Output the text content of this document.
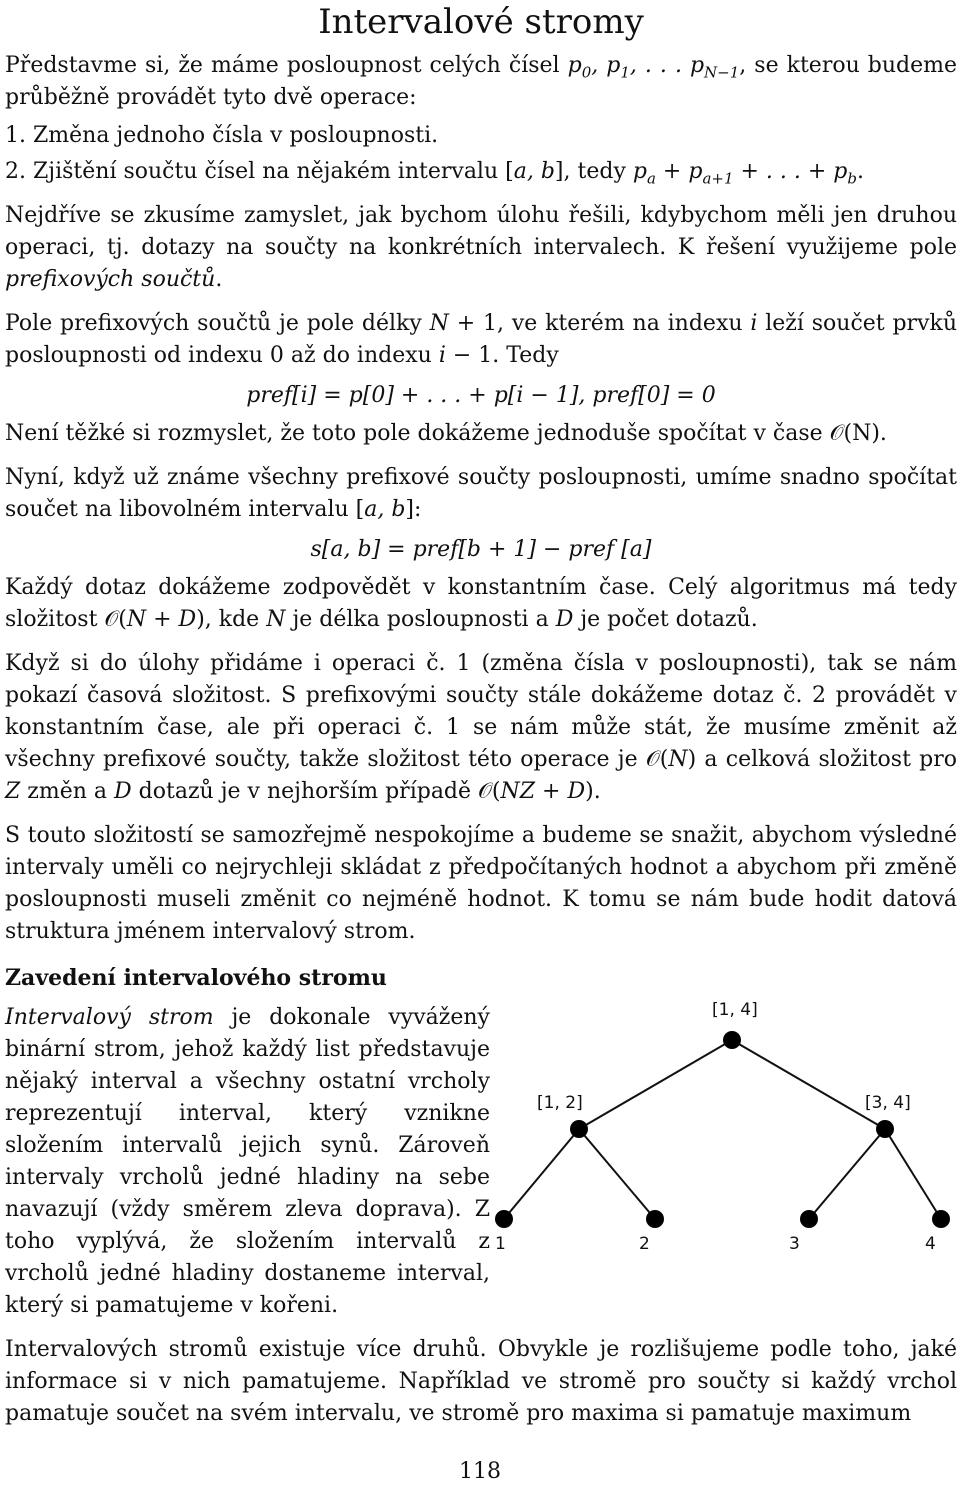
Intervalové stromy

Představme si, že máme posloupnost celých čísel $p_0$, $p_1$, . . . $p_{N-1}$, se kterou budeme průběžně provádět tyto dvě operace:

1. Změna jednoho čísla v posloupnosti.
2. Zjištění součtu čísel na nějakém intervalu [a, b], tedy $p_a + p_{a+1}$ + . . . + $p_b$.

Nejdříve se zkusíme zamyslet, jak bychom úlohu řešili, kdybychom měli jen druhou operaci, tj. dotazy na součty na konkrétních intervalech. K řešení využijeme pole prefixových součtů.

Pole prefixových součtů je pole délky N + 1, ve kterém na indexu i leží součet prvků posloupnosti od indexu 0 až do indexu i − 1. Tedy

pref[i] = p[0] + . . . + p[i − 1], pref[0] = 0

Není těžké si rozmyslet, že toto pole dokážeme jednoduše spočítat v čase 𝒪(N).

Nyní, když už známe všechny prefixové součty posloupnosti, umíme snadno spočítat součet na libovolném intervalu [a, b]:

s[a, b] = pref[b + 1] − pref [a]

Každý dotaz dokážeme zodpovědět v konstantním čase. Celý algoritmus má tedy složitost 𝒪(N + D), kde N je délka posloupnosti a D je počet dotazů.

Když si do úlohy přidáme i operaci č. 1 (změna čísla v posloupnosti), tak se nám pokazí časová složitost. S prefixovými součty stále dokážeme dotaz č. 2 provádět v konstantním čase, ale při operaci č. 1 se nám může stát, že musíme změnit až všechny prefixové součty, takže složitost této operace je 𝒪(N) a celková složitost pro Z změn a D dotazů je v nejhorším případě 𝒪(NZ + D).

S touto složitostí se samozřejmě nespokojíme a budeme se snažit, abychom výsledné intervaly uměli co nejrychleji skládat z předpočítaných hodnot a abychom při změně posloupnosti museli změnit co nejméně hodnot. K tomu se nám bude hodit datová struktura jménem intervalový strom.

Zavedení intervalového stromu
[1, 4]
[1, 2]	[3, 4]
1	2	3	4

Intervalový strom je dokonale vyvážený binární strom, jehož každý list představuje nějaký interval a všechny ostatní vrcholy reprezentují interval, který vznikne složením intervalů jejich synů. Zároveň intervaly vrcholů jedné hladiny na sebe navazují (vždy směrem zleva doprava). Z toho vyplývá, že složením intervalů z vrcholů jedné hladiny dostaneme interval, který si pamatujeme v kořeni.

Intervalových stromů existuje více druhů. Obvykle je rozlišujeme podle toho, jaké informace si v nich pamatujeme. Například ve stromě pro součty si každý vrchol pamatuje součet na svém intervalu, ve stromě pro maxima si pamatuje maximum

118
